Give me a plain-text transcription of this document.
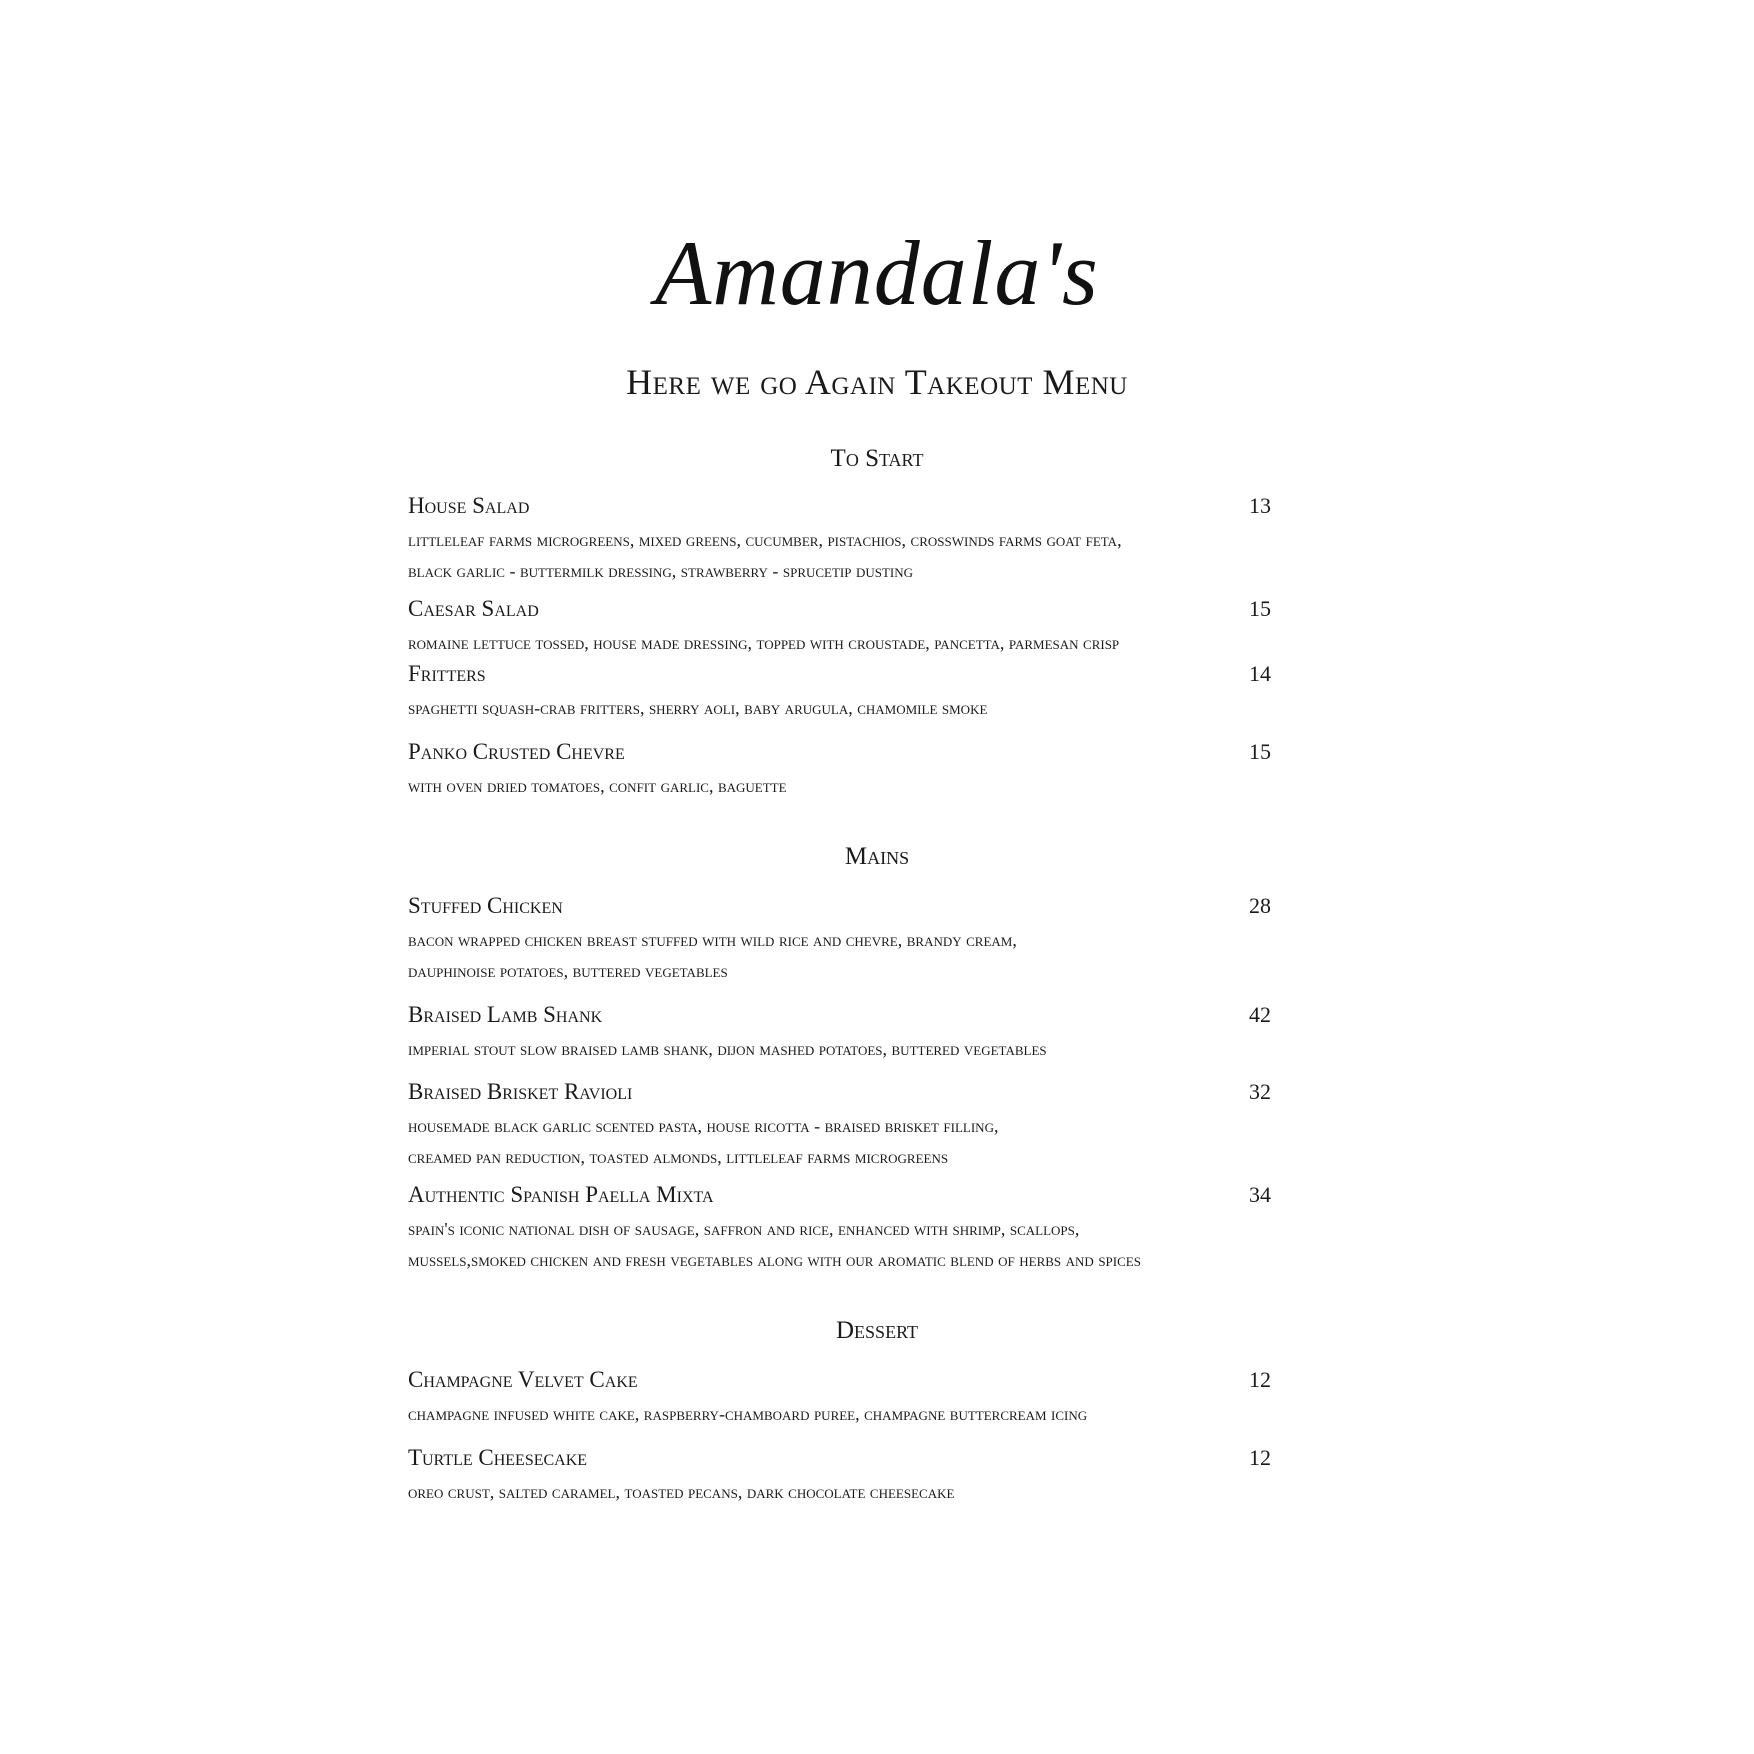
Amandala's
Here we go Again Takeout Menu
To Start
House Salad	13
littleleaf farms microgreens, mixed greens, cucumber, pistachios, crosswinds farms goat feta,
black garlic - buttermilk dressing, strawberry - sprucetip dusting
Caesar Salad	15
romaine lettuce tossed, house made dressing, topped with croustade, pancetta, parmesan crisp
Fritters	14
spaghetti squash-crab fritters, sherry aoli, baby arugula, chamomile smoke
Panko Crusted Chevre	15
with oven dried tomatoes, confit garlic, baguette
Mains
Stuffed Chicken	28
bacon wrapped chicken breast stuffed with wild rice and chevre, brandy cream,
dauphinoise potatoes, buttered vegetables
Braised Lamb Shank	42
imperial stout slow braised lamb shank, dijon mashed potatoes, buttered vegetables
Braised Brisket Ravioli	32
housemade black garlic scented pasta, house ricotta - braised brisket filling,
creamed pan reduction, toasted almonds, littleleaf farms microgreens
Authentic Spanish Paella Mixta	34
spain's iconic national dish of sausage, saffron and rice, enhanced with shrimp, scallops,
mussels,smoked chicken and fresh vegetables along with our aromatic blend of herbs and spices
Dessert
Champagne Velvet Cake	12
champagne infused white cake, raspberry-chamboard puree, champagne buttercream icing
Turtle Cheesecake	12
oreo crust, salted caramel, toasted pecans, dark chocolate cheesecake
